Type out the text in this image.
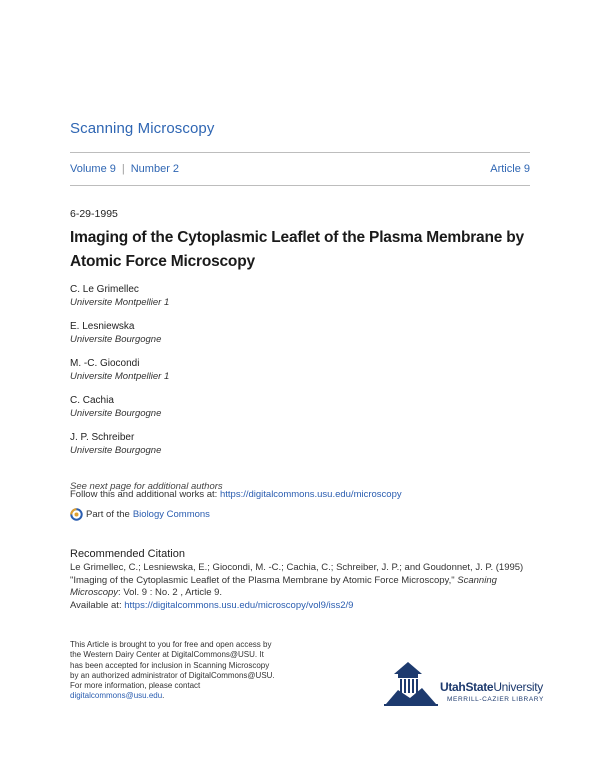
Scanning Microscopy
Volume 9 | Number 2	Article 9
6-29-1995
Imaging of the Cytoplasmic Leaflet of the Plasma Membrane by Atomic Force Microscopy
C. Le Grimellec
Universite Montpellier 1
E. Lesniewska
Universite Bourgogne
M. -C. Giocondi
Universite Montpellier 1
C. Cachia
Universite Bourgogne
J. P. Schreiber
Universite Bourgogne
See next page for additional authors
Follow this and additional works at: https://digitalcommons.usu.edu/microscopy
Part of the Biology Commons
Recommended Citation
Le Grimellec, C.; Lesniewska, E.; Giocondi, M. -C.; Cachia, C.; Schreiber, J. P.; and Goudonnet, J. P. (1995)
"Imaging of the Cytoplasmic Leaflet of the Plasma Membrane by Atomic Force Microscopy," Scanning
Microscopy: Vol. 9 : No. 2 , Article 9.
Available at: https://digitalcommons.usu.edu/microscopy/vol9/iss2/9
This Article is brought to you for free and open access by
the Western Dairy Center at DigitalCommons@USU. It
has been accepted for inclusion in Scanning Microscopy
by an authorized administrator of DigitalCommons@USU.
For more information, please contact
digitalcommons@usu.edu.
UtahStateUniversity
MERRILL-CAZIER LIBRARY
